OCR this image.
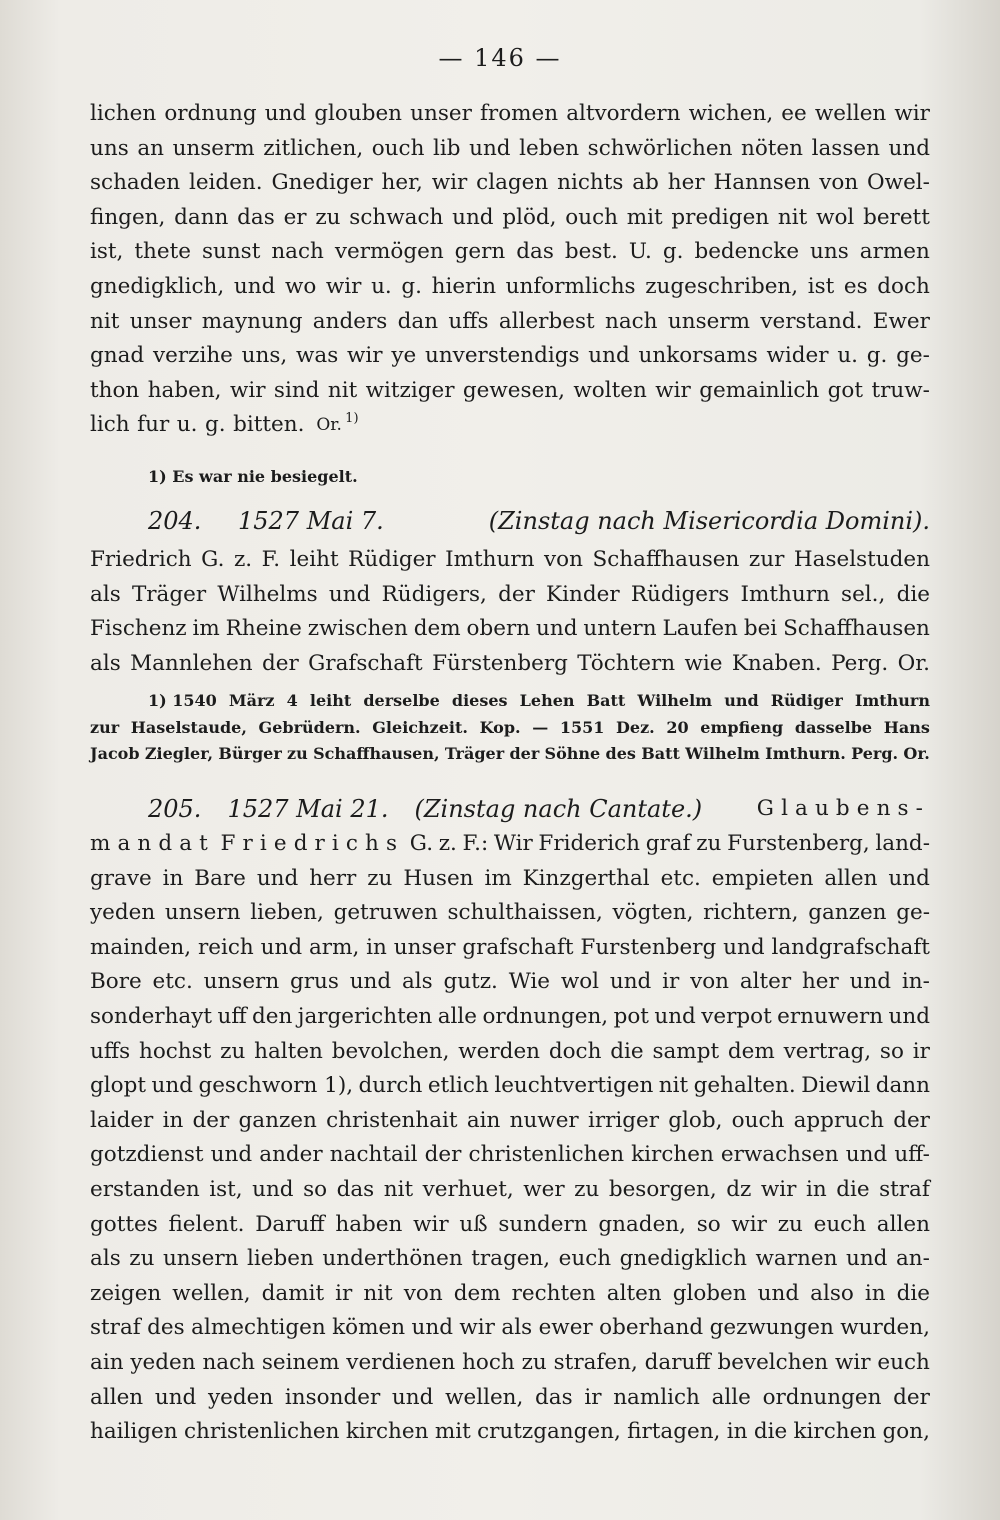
— 146 —
lichen ordnung und glouben unser fromen altvordern wichen, ee wellen wir
uns an unserm zitlichen, ouch lib und leben schwörlichen nöten lassen und
schaden leiden. Gnediger her, wir clagen nichts ab her Hannsen von Owel-
fingen, dann das er zu schwach und plöd, ouch mit predigen nit wol berett
ist, thete sunst nach vermögen gern das best. U. g. bedencke uns armen
gnedigklich, und wo wir u. g. hierin unformlichs zugeschriben, ist es doch
nit unser maynung anders dan uffs allerbest nach unserm verstand. Ewer
gnad verzihe uns, was wir ye unverstendigs und unkorsams wider u. g. ge-
thon haben, wir sind nit witziger gewesen, wolten wir gemainlich got truw-
lich fur u. g. bitten. Or. 1)
1) Es war nie besiegelt.
204. 1527 Mai 7.	(Zinstag nach Misericordia Domini).
Friedrich G. z. F. leiht Rüdiger Imthurn von Schaffhausen zur Haselstuden
als Träger Wilhelms und Rüdigers, der Kinder Rüdigers Imthurn sel., die
Fischenz im Rheine zwischen dem obern und untern Laufen bei Schaffhausen
als Mannlehen der Grafschaft Fürstenberg Töchtern wie Knaben. Perg. Or.
1) 1540 März 4 leiht derselbe dieses Lehen Batt Wilhelm und Rüdiger Imthurn
zur Haselstaude, Gebrüdern. Gleichzeit. Kop. — 1551 Dez. 20 empfieng dasselbe Hans
Jacob Ziegler, Bürger zu Schaffhausen, Träger der Söhne des Batt Wilhelm Imthurn. Perg. Or.
205. 1527 Mai 21. (Zinstag nach Cantate.)	Glaubens-
mandat Friedrichs G. z. F.: Wir Friderich graf zu Furstenberg, land-
grave in Bare und herr zu Husen im Kinzgerthal etc. empieten allen und
yeden unsern lieben, getruwen schulthaissen, vögten, richtern, ganzen ge-
mainden, reich und arm, in unser grafschaft Furstenberg und landgrafschaft
Bore etc. unsern grus und als gutz. Wie wol und ir von alter her und in-
sonderhayt uff den jargerichten alle ordnungen, pot und verpot ernuwern und
uffs hochst zu halten bevolchen, werden doch die sampt dem vertrag, so ir
glopt und geschworn 1), durch etlich leuchtvertigen nit gehalten. Diewil dann
laider in der ganzen christenhait ain nuwer irriger glob, ouch appruch der
gotzdienst und ander nachtail der christenlichen kirchen erwachsen und uff-
erstanden ist, und so das nit verhuet, wer zu besorgen, dz wir in die straf
gottes fielent. Daruff haben wir uß sundern gnaden, so wir zu euch allen
als zu unsern lieben underthönen tragen, euch gnedigklich warnen und an-
zeigen wellen, damit ir nit von dem rechten alten globen und also in die
straf des almechtigen kömen und wir als ewer oberhand gezwungen wurden,
ain yeden nach seinem verdienen hoch zu strafen, daruff bevelchen wir euch
allen und yeden insonder und wellen, das ir namlich alle ordnungen der
hailigen christenlichen kirchen mit crutzgangen, firtagen, in die kirchen gon,
